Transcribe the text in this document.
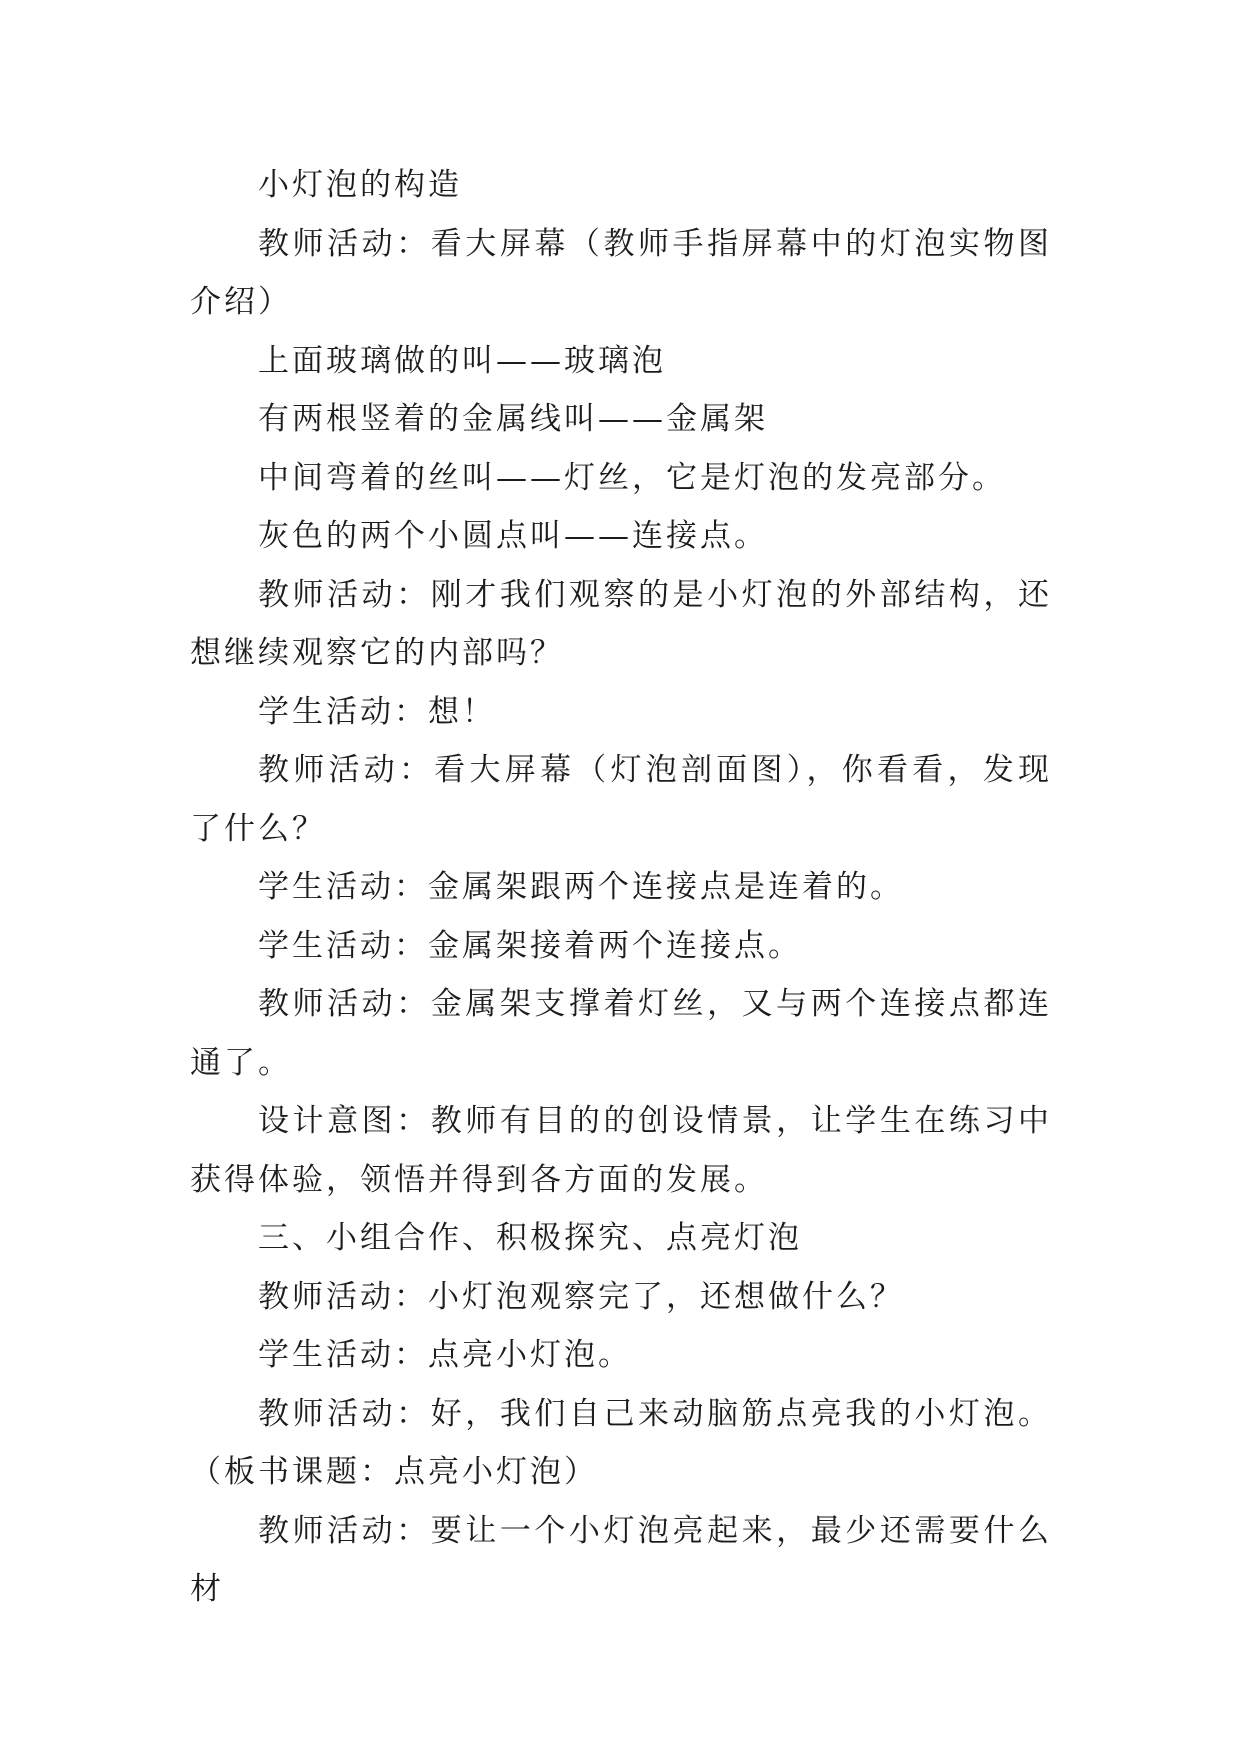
小灯泡的构造

教师活动：看大屏幕（教师手指屏幕中的灯泡实物图介绍）

上面玻璃做的叫——玻璃泡

有两根竖着的金属线叫——金属架

中间弯着的丝叫——灯丝，它是灯泡的发亮部分。

灰色的两个小圆点叫——连接点。

教师活动：刚才我们观察的是小灯泡的外部结构，还想继续观察它的内部吗？

学生活动：想！

教师活动：看大屏幕（灯泡剖面图），你看看，发现了什么？

学生活动：金属架跟两个连接点是连着的。

学生活动：金属架接着两个连接点。

教师活动：金属架支撑着灯丝，又与两个连接点都连通了。

设计意图：教师有目的的创设情景，让学生在练习中获得体验，领悟并得到各方面的发展。

三、小组合作、积极探究、点亮灯泡

教师活动：小灯泡观察完了，还想做什么？

学生活动：点亮小灯泡。

教师活动：好，我们自己来动脑筋点亮我的小灯泡。（板书课题：点亮小灯泡）

教师活动：要让一个小灯泡亮起来，最少还需要什么材
